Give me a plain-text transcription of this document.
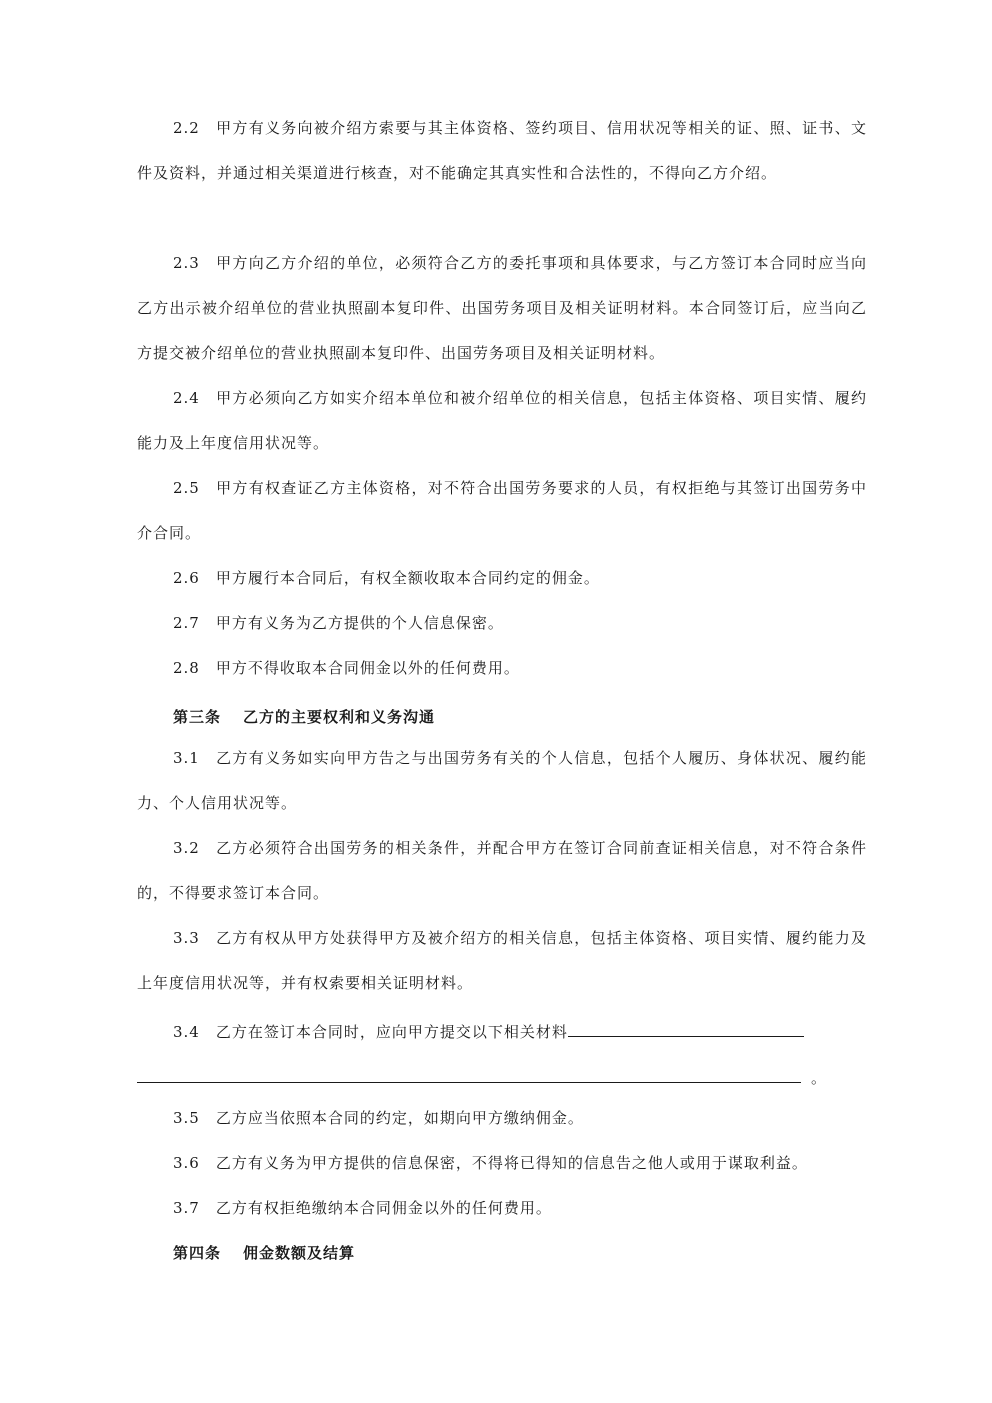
2.2 甲方有义务向被介绍方索要与其主体资格、签约项目、信用状况等相关的证、照、证书、文件及资料，并通过相关渠道进行核查，对不能确定其真实性和合法性的，不得向乙方介绍。

2.3 甲方向乙方介绍的单位，必须符合乙方的委托事项和具体要求，与乙方签订本合同时应当向乙方出示被介绍单位的营业执照副本复印件、出国劳务项目及相关证明材料。本合同签订后，应当向乙方提交被介绍单位的营业执照副本复印件、出国劳务项目及相关证明材料。

2.4 甲方必须向乙方如实介绍本单位和被介绍单位的相关信息，包括主体资格、项目实情、履约能力及上年度信用状况等。

2.5 甲方有权查证乙方主体资格，对不符合出国劳务要求的人员，有权拒绝与其签订出国劳务中介合同。

2.6 甲方履行本合同后，有权全额收取本合同约定的佣金。

2.7 甲方有义务为乙方提供的个人信息保密。

2.8 甲方不得收取本合同佣金以外的任何费用。

第三条 乙方的主要权利和义务沟通

3.1 乙方有义务如实向甲方告之与出国劳务有关的个人信息，包括个人履历、身体状况、履约能力、个人信用状况等。

3.2 乙方必须符合出国劳务的相关条件，并配合甲方在签订合同前查证相关信息，对不符合条件的，不得要求签订本合同。

3.3 乙方有权从甲方处获得甲方及被介绍方的相关信息，包括主体资格、项目实情、履约能力及上年度信用状况等，并有权索要相关证明材料。

3.4 乙方在签订本合同时，应向甲方提交以下相关材料
。

3.5 乙方应当依照本合同的约定，如期向甲方缴纳佣金。

3.6 乙方有义务为甲方提供的信息保密，不得将已得知的信息告之他人或用于谋取利益。

3.7 乙方有权拒绝缴纳本合同佣金以外的任何费用。

第四条 佣金数额及结算
